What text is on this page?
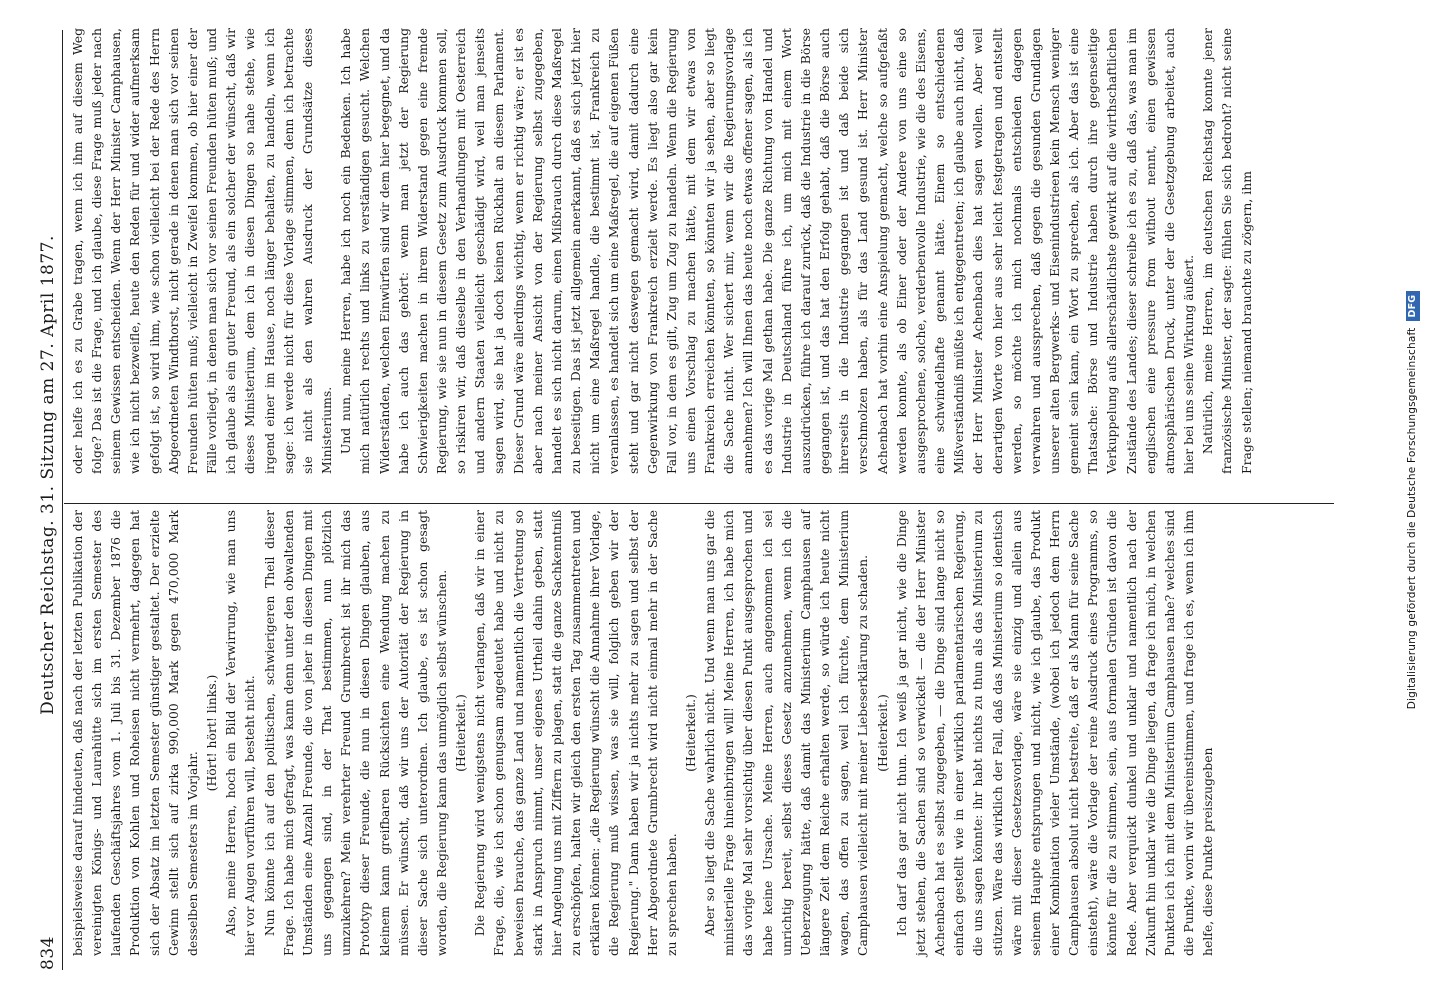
834
Deutscher Reichstag. 31. Sitzung am 27. April 1877.

beispielsweise darauf hindeuten, daß nach der letzten Publikation der vereinigten Königs- und Laurahütte sich im ersten Semester des laufenden Geschäftsjahres vom 1. Juli bis 31. Dezember 1876 die Produktion von Kohlen und Roheisen nicht vermehrt, dagegen hat sich der Absatz im letzten Semester günstiger gestaltet. Der erzielte Gewinn stellt sich auf zirka 990,000 Mark gegen 470,000 Mark desselben Semesters im Vorjahr.

(Hört! hört! links.) Also, meine Herren, hoch ein Bild der Verwirrung, wie man uns hier vor Augen vorführen will, besteht nicht. Nun könnte ich auf den politischen, schwierigeren Theil dieser Frage. Ich habe mich gefragt, was kann denn unter den obwaltenden Umständen eine Anzahl Freunde, die von jeher in diesen Dingen mit uns gegangen sind, in der That bestimmen, nun plötzlich umzukehren? Mein verehrter Freund Grumbrecht ist ihr mich das Prototyp dieser Freunde, die nun in diesen Dingen glauben, aus kleinem kann greifbaren Rücksichten eine Wendung machen zu müssen. Er wünscht, daß wir uns der Autorität der Regierung in dieser Sache sich unterordnen. Ich glaube, es ist schon gesagt worden, die Regierung kann das unmöglich selbst wünschen. (Heiterkeit.) Die Regierung wird wenigstens nicht verlangen, daß wir in einer Frage, die, wie ich schon genugsam angedeutet habe und nicht zu beweisen brauche, das ganze Land und namentlich die Vertretung so stark in Anspruch nimmt, unser eigenes Urtheil dahin geben, statt hier Angelung uns mit Ziffern zu plagen, statt die ganze Sachkenntniß zu erschöpfen, halten wir gleich den ersten Tag zusammentreten und erklären können: „die Regierung wünscht die Annahme ihrer Vorlage, die Regierung muß wissen, was sie will, folglich geben wir der Regierung." Dann haben wir ja nichts mehr zu sagen und selbst der Herr Abgeordnete Grumbrecht wird nicht einmal mehr in der Sache zu sprechen haben.

(Heiterkeit.) Aber so liegt die Sache wahrlich nicht. Und wenn man uns gar die ministerielle Frage hineinbringen will! Meine Herren, ich habe mich das vorige Mal sehr vorsichtig über diesen Punkt ausgesprochen und habe keine Ursache. Meine Herren, auch angenommen ich sei unrichtig bereit, selbst dieses Gesetz anzunehmen, wenn ich die Ueberzeugung hätte, daß damit das Ministerium Camphausen auf längere Zeit dem Reiche erhalten werde, so würde ich heute nicht wagen, das offen zu sagen, weil ich fürchte, dem Ministerium Camphausen vielleicht mit meiner Liebeserklärung zu schaden. (Heiterkeit.) Ich darf das gar nicht thun. Ich weiß ja gar nicht, wie die Dinge jetzt stehen, die Sachen sind so verwickelt — die der Herr Minister Achenbach hat es selbst zugegeben, — die Dinge sind lange nicht so einfach gestellt wie in einer wirklich parlamentarischen Regierung, die uns sagen könnte: ihr habt nichts zu thun als das Ministerium zu stützen. Wäre das wirklich der Fall, daß das Ministerium so identisch wäre mit dieser Gesetzesvorlage, wäre sie einzig und allein aus seinem Haupte entsprungen und nicht, wie ich glaube, das Produkt einer Kombination vieler Umstände, (wobei ich jedoch dem Herrn Camphausen absolut nicht bestreite, daß er als Mann für seine Sache einsteht), wäre die Vorlage der reine Ausdruck eines Programms, so könnte für die zu stimmen, sein, aus formalen Gründen ist davon die Rede. Aber verquickt dunkel und unklar und namentlich nach der Zukunft hin unklar wie die Dinge liegen, da frage ich mich, in welchen Punkten ich ich mit dem Ministerium Camphausen nahe? welches sind die Punkte, worin wir übereinstimmen, und frage ich es, wenn ich ihm helfe, diese Punkte preiszugeben

oder helfe ich es zu Grabe tragen, wenn ich ihm auf diesem Weg folge? Das ist die Frage, und ich glaube, diese Frage muß jeder nach seinem Gewissen entscheiden. Wenn der Herr Minister Camphausen, wie ich nicht bezweifle, heute den Reden für und wider aufmerksam gefolgt ist, so wird ihm, wie schon vielleicht bei der Rede des Herrn Abgeordneten Windthorst, nicht gerade in denen man sich vor seinen Freunden hüten muß; vielleicht in Zweifel kommen, ob hier einer der Fälle vorliegt, in denen man sich vor seinen Freunden hüten muß; und ich glaube als ein guter Freund, als ein solcher der wünscht, daß wir dieses Ministerium, dem ich in diesen Dingen so nahe stehe, wie irgend einer im Hause, noch länger behalten, zu handeln, wenn ich sage: ich werde nicht für diese Vorlage stimmen, denn ich betrachte sie nicht als den wahren Ausdruck der Grundsätze dieses Ministeriums. Und nun, meine Herren, habe ich noch ein Bedenken. Ich habe mich natürlich rechts und links zu verständigen gesucht. Welchen Widerständen, welchen Einwürfen sind wir dem hier begegnet, und da habe ich auch das gehört: wenn man jetzt der Regierung Schwierigkeiten machen in ihrem Widerstand gegen eine fremde Regierung, wie sie nun in diesem Gesetz zum Ausdruck kommen soll, so riskiren wir, daß dieselbe in den Verhandlungen mit Oesterreich und andern Staaten vielleicht geschädigt wird, weil man jenseits sagen wird, sie hat ja doch keinen Rückhalt an diesem Parlament. Dieser Grund wäre allerdings wichtig, wenn er richtig wäre; er ist es aber nach meiner Ansicht von der Regierung selbst zugegeben, handelt es sich nicht darum, einen Mißbrauch durch diese Maßregel zu beseitigen. Das ist jetzt allgemein anerkannt, daß es sich jetzt hier nicht um eine Maßregel handle, die bestimmt ist, Frankreich zu veranlassen, es handelt sich um eine Maßregel, die auf eigenen Füßen steht und gar nicht deswegen gemacht wird, damit dadurch eine Gegenwirkung von Frankreich erzielt werde. Es liegt also gar kein Fall vor, in dem es gilt, Zug um Zug zu handeln. Wenn die Regierung uns einen Vorschlag zu machen hätte, mit dem wir etwas von Frankreich erreichen könnten, so könnten wir ja sehen, aber so liegt die Sache nicht. Wer sichert mir, wenn wir die Regierungsvorlage annehmen? Ich will Ihnen das heute noch etwas offener sagen, als ich es das vorige Mal gethan habe. Die ganze Richtung von Handel und Industrie in Deutschland führe ich, um mich mit einem Wort auszudrücken, führe ich darauf zurück, daß die Industrie in die Börse gegangen ist, und das hat den Erfolg gehabt, daß die Börse auch ihrerseits in die Industrie gegangen ist und daß beide sich verschmolzen haben, als für das Land gesund ist. Herr Minister Achenbach hat vorhin eine Anspielung gemacht, welche so aufgefaßt werden konnte, als ob Einer oder der Andere von uns eine so ausgesprochene, solche, verderbenvolle Industrie, wie die des Eisens, eine schwindelhafte genannt hätte. Einem so entschiedenen Mißverständniß müßte ich entgegentreten; ich glaube auch nicht, daß der Herr Minister Achenbach dies hat sagen wollen. Aber weil derartigen Worte von hier aus sehr leicht festgetragen und entstellt werden, so möchte ich mich nochmals entschieden dagegen verwahren und aussprechen, daß gegen die gesunden Grundlagen unserer alten Bergwerks- und Eisenindustrieen kein Mensch weniger gemeint sein kann, ein Wort zu sprechen, als ich. Aber das ist eine Thatsache: Börse und Industrie haben durch ihre gegenseitige Verkuppelung aufs allerschädlichste gewirkt auf die wirthschaftlichen Zustände des Landes; dieser schreibe ich es zu, daß das, was man im englischen eine pressure from without nennt, einen gewissen atmosphärischen Druck, unter der die Gesetzgebung arbeitet, auch hier bei uns seine Wirkung äußert. Natürlich, meine Herren, im deutschen Reichstag konnte jener französische Minister, der sagte: fühlen Sie sich bedroht? nicht seine Frage stellen; niemand brauchte zu zögern, ihm

Digitalisierung gefördert durch die Deutsche ForschungsgemeinschaftDFG
